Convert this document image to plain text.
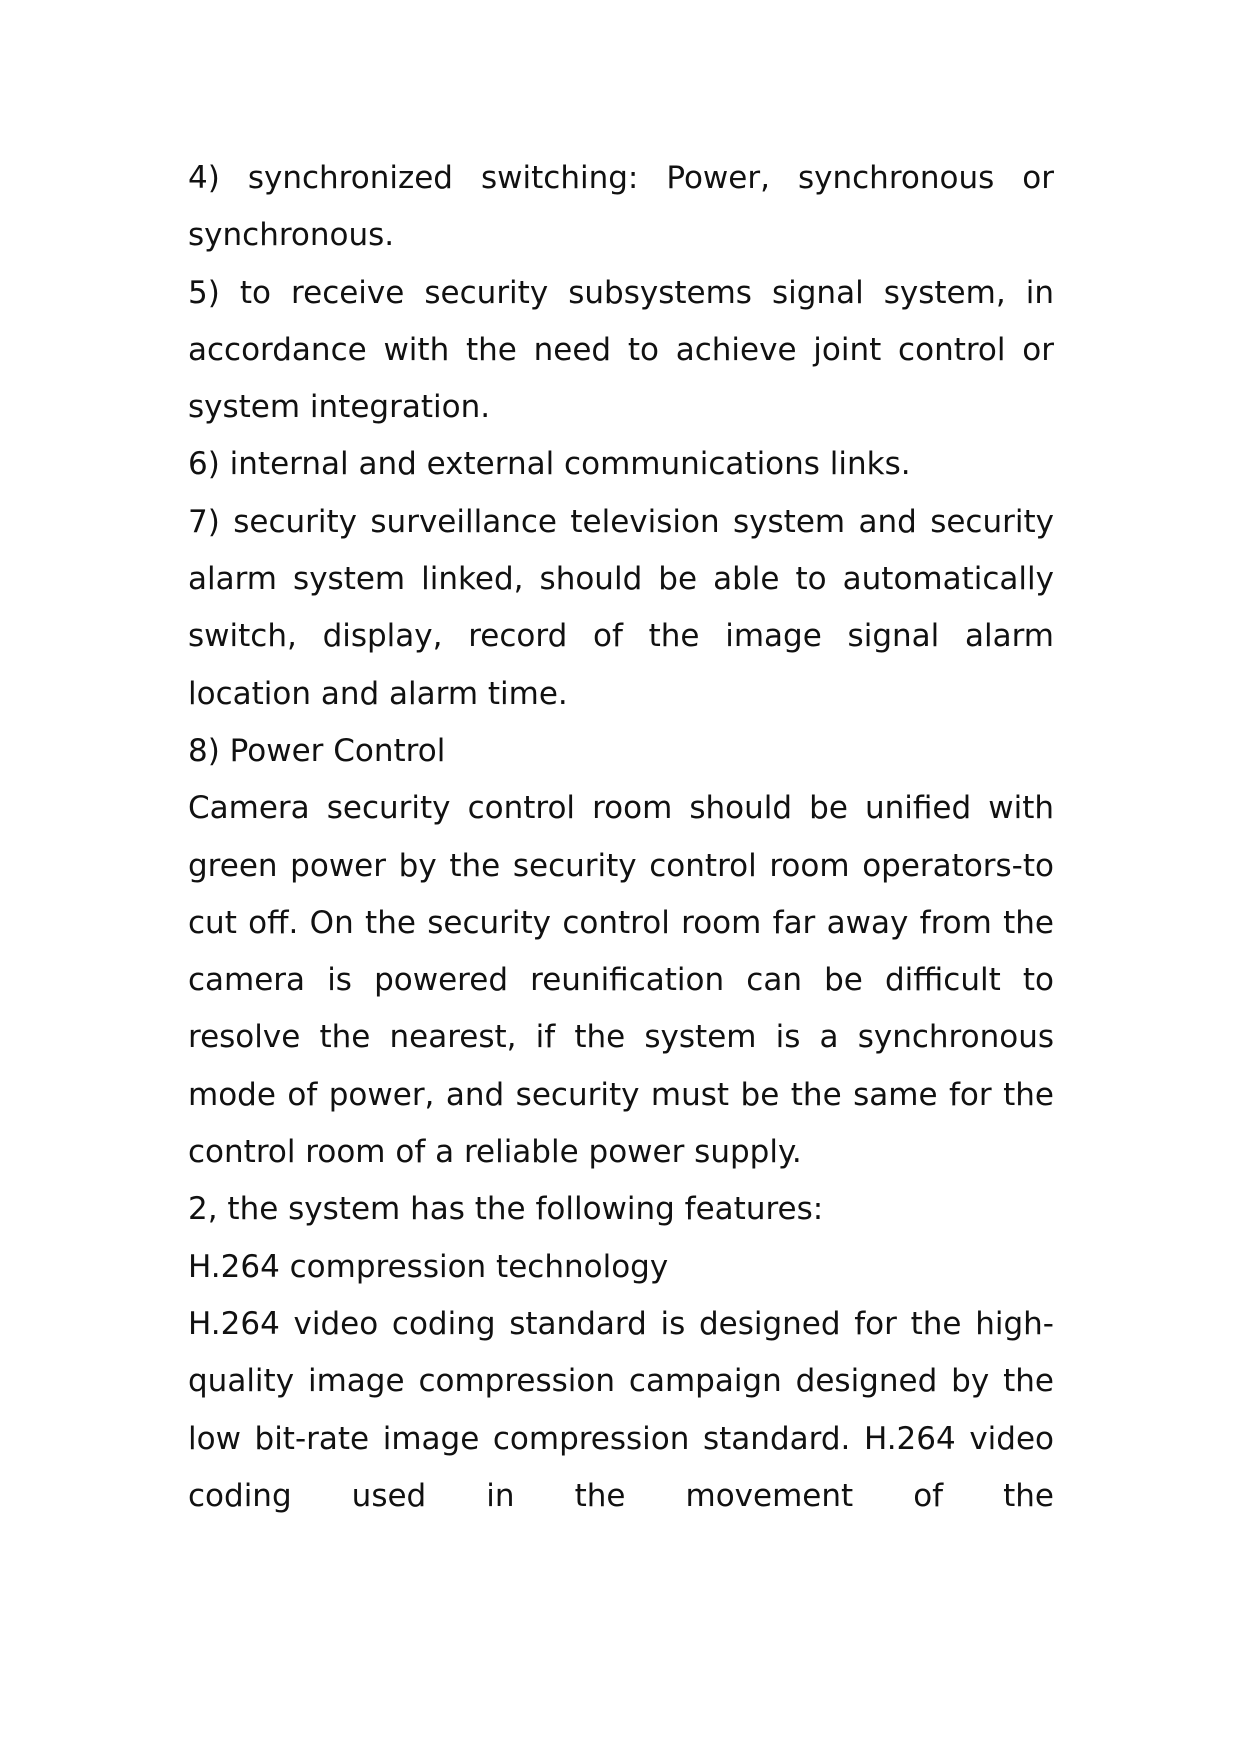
4) synchronized switching: Power, synchronous or synchronous.

5) to receive security subsystems signal system, in accordance with the need to achieve joint control or system integration.

6) internal and external communications links.

7) security surveillance television system and security alarm system linked, should be able to automatically switch, display, record of the image signal alarm location and alarm time.

8) Power Control

Camera security control room should be unified with green power by the security control room operators-to cut off. On the security control room far away from the camera is powered reunification can be difficult to resolve the nearest, if the system is a synchronous mode of power, and security must be the same for the control room of a reliable power supply.

2, the system has the following features:

H.264 compression technology

H.264 video coding standard is designed for the high-quality image compression campaign designed by the low bit-rate image compression standard. H.264 video coding used in the movement of the
